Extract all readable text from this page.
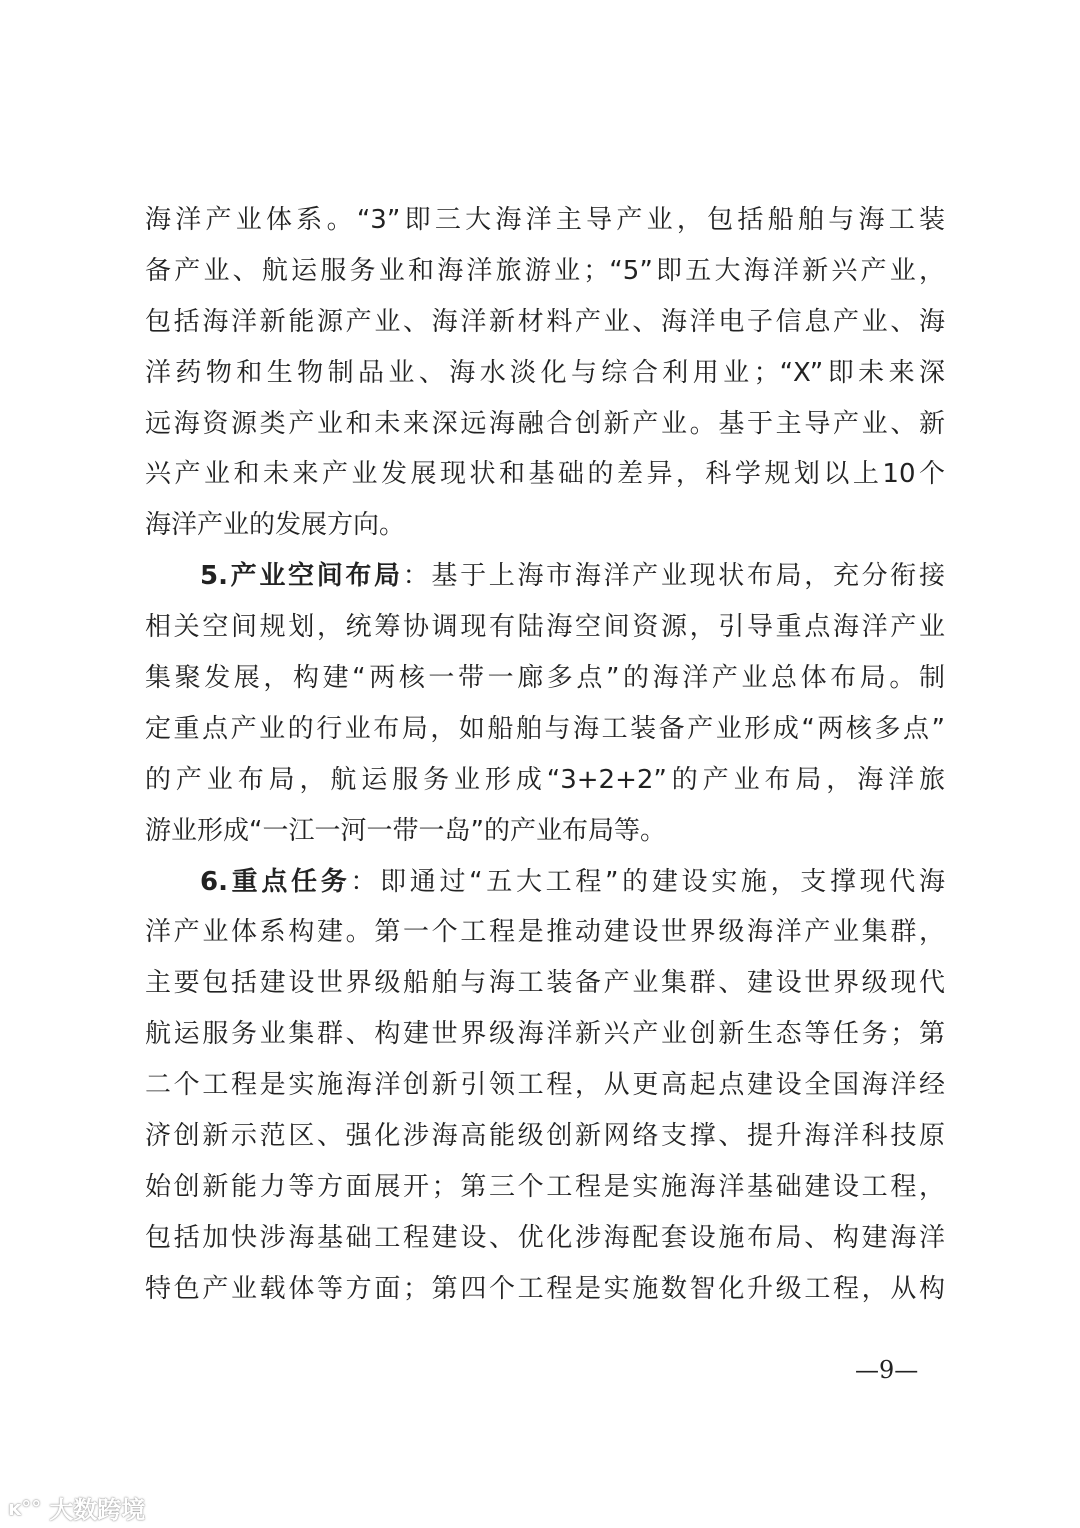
海洋产业体系。“3”即三大海洋主导产业，包括船舶与海工装
备产业、航运服务业和海洋旅游业；“5”即五大海洋新兴产业，
包括海洋新能源产业、海洋新材料产业、海洋电子信息产业、海
洋药物和生物制品业、海水淡化与综合利用业；“X”即未来深
远海资源类产业和未来深远海融合创新产业。基于主导产业、新
兴产业和未来产业发展现状和基础的差异，科学规划以上10个
海洋产业的发展方向。
5.产业空间布局：基于上海市海洋产业现状布局，充分衔接
相关空间规划，统筹协调现有陆海空间资源，引导重点海洋产业
集聚发展，构建“两核一带一廊多点”的海洋产业总体布局。制
定重点产业的行业布局，如船舶与海工装备产业形成“两核多点”
的产业布局，航运服务业形成“3+2+2”的产业布局，海洋旅
游业形成“一江一河一带一岛”的产业布局等。
6.重点任务：即通过“五大工程”的建设实施，支撑现代海
洋产业体系构建。第一个工程是推动建设世界级海洋产业集群，
主要包括建设世界级船舶与海工装备产业集群、建设世界级现代
航运服务业集群、构建世界级海洋新兴产业创新生态等任务；第
二个工程是实施海洋创新引领工程，从更高起点建设全国海洋经
济创新示范区、强化涉海高能级创新网络支撑、提升海洋科技原
始创新能力等方面展开；第三个工程是实施海洋基础建设工程，
包括加快涉海基础工程建设、优化涉海配套设施布局、构建海洋
特色产业载体等方面；第四个工程是实施数智化升级工程，从构
—9—
ᴋ°° 大数跨境
